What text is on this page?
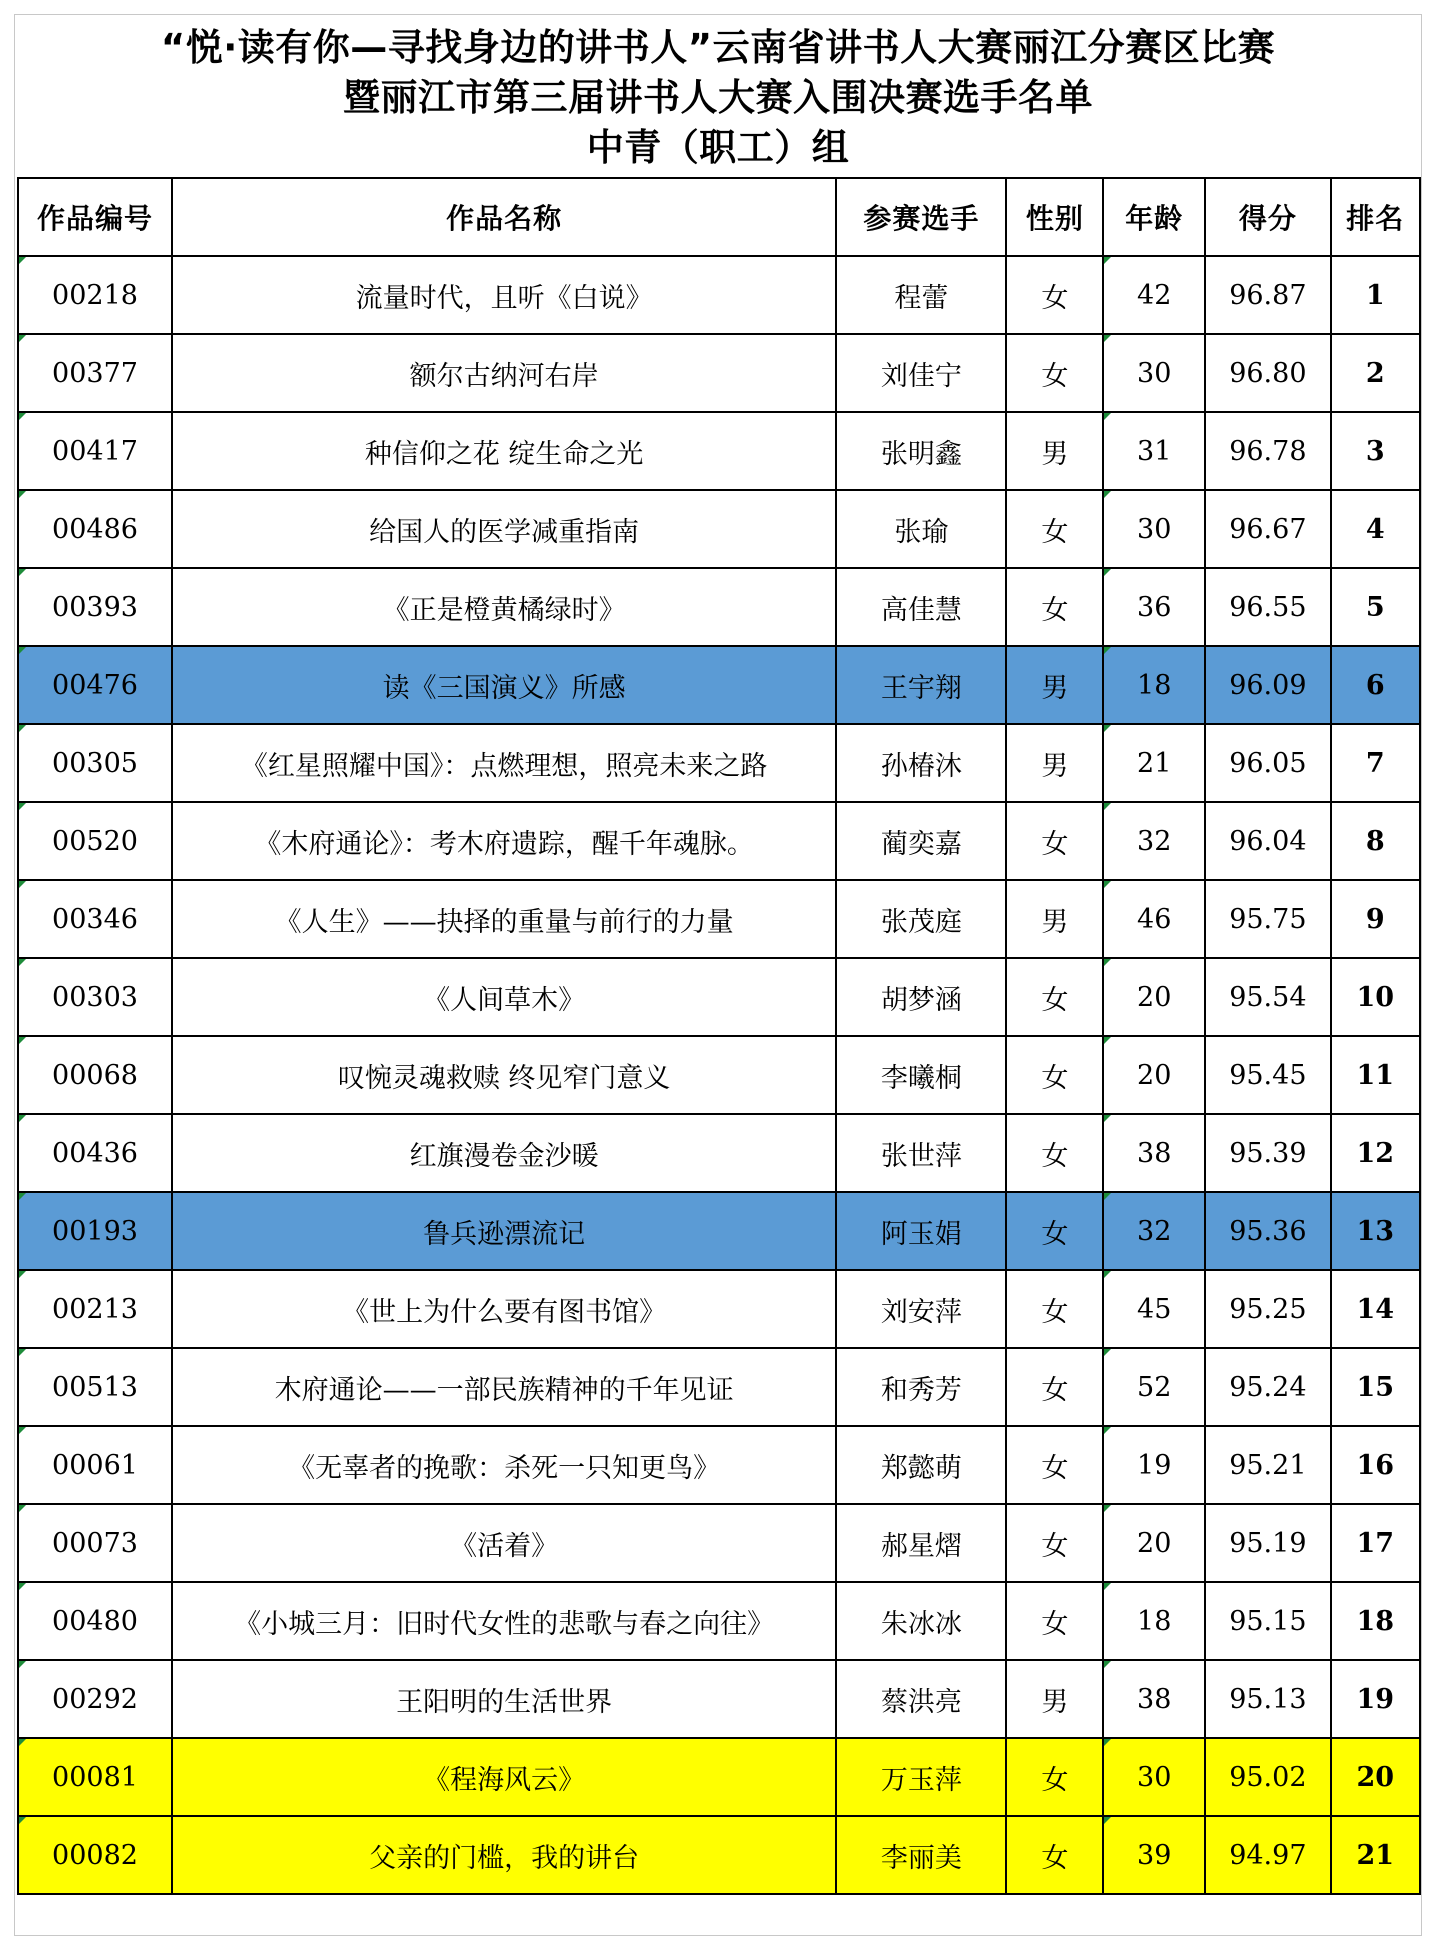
“悦·读有你—寻找身边的讲书人”云南省讲书人大赛丽江分赛区比赛
暨丽江市第三届讲书人大赛入围决赛选手名单
中青（职工）组
作品编号	作品名称	参赛选手	性别	年龄	得分	排名

00218	流量时代，且听《白说》	程蕾	女	42	96.87	1

00377	额尔古纳河右岸	刘佳宁	女	30	96.80	2

00417	种信仰之花 绽生命之光	张明鑫	男	31	96.78	3

00486	给国人的医学减重指南	张瑜	女	30	96.67	4

00393	《正是橙黄橘绿时》	高佳慧	女	36	96.55	5

00476	读《三国演义》所感	王宇翔	男	18	96.09	6

00305	《红星照耀中国》：点燃理想，照亮未来之路	孙椿沐	男	21	96.05	7

00520	《木府通论》：考木府遗踪，醒千年魂脉。	蔺奕嘉	女	32	96.04	8

00346	《人生》——抉择的重量与前行的力量	张茂庭	男	46	95.75	9

00303	《人间草木》	胡梦涵	女	20	95.54	10

00068	叹惋灵魂救赎 终见窄门意义	李曦桐	女	20	95.45	11

00436	红旗漫卷金沙暖	张世萍	女	38	95.39	12

00193	鲁兵逊漂流记	阿玉娟	女	32	95.36	13

00213	《世上为什么要有图书馆》	刘安萍	女	45	95.25	14

00513	木府通论——一部民族精神的千年见证	和秀芳	女	52	95.24	15

00061	《无辜者的挽歌：杀死一只知更鸟》	郑懿萌	女	19	95.21	16

00073	《活着》	郝星熠	女	20	95.19	17

00480	《小城三月：旧时代女性的悲歌与春之向往》	朱冰冰	女	18	95.15	18

00292	王阳明的生活世界	蔡洪亮	男	38	95.13	19

00081	《程海风云》	万玉萍	女	30	95.02	20

00082	父亲的门槛，我的讲台	李丽美	女	39	94.97	21
